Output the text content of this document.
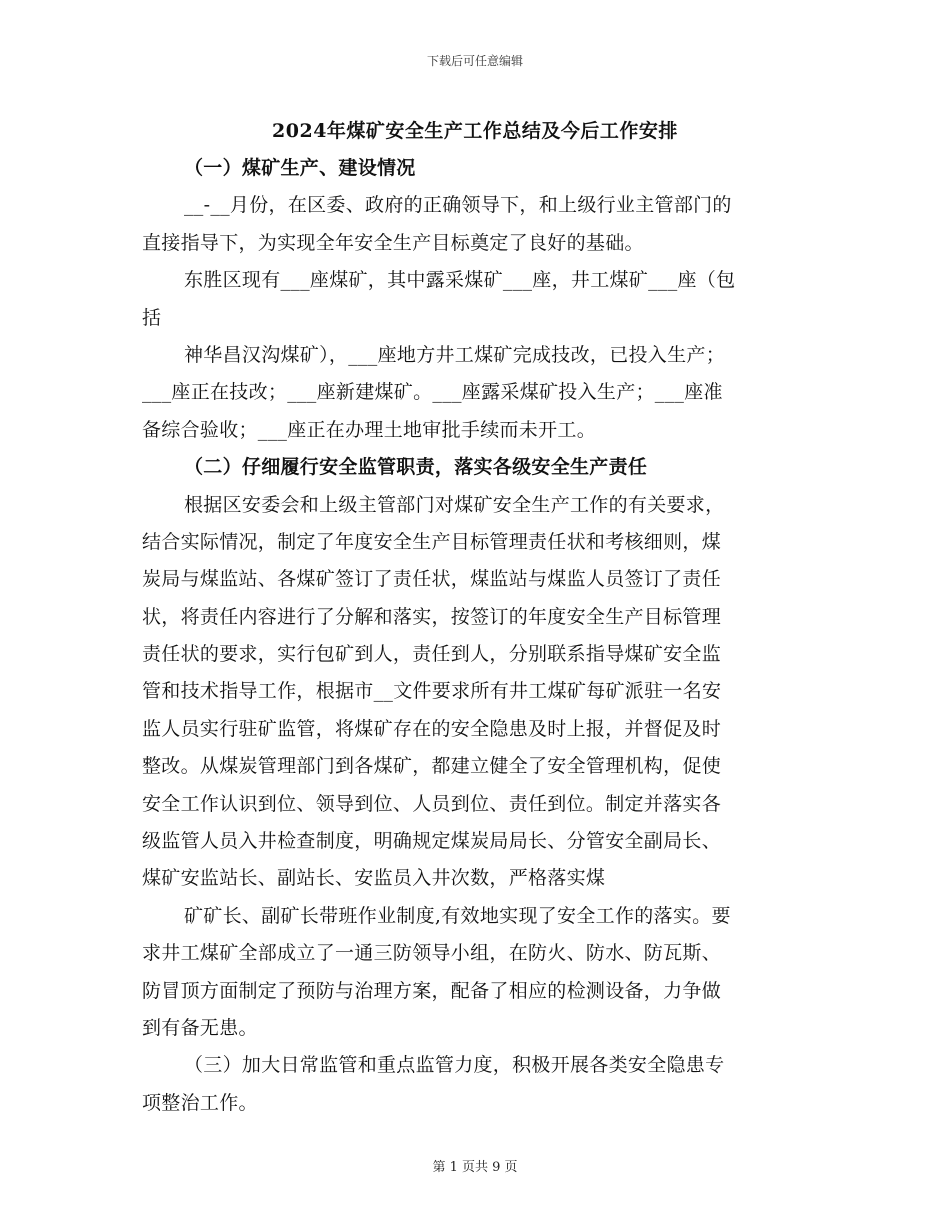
下载后可任意编辑
2024年煤矿安全生产工作总结及今后工作安排
（一）煤矿生产、建设情况
__-__月份，在区委、政府的正确领导下，和上级行业主管部门的
直接指导下，为实现全年安全生产目标奠定了良好的基础。
东胜区现有___座煤矿，其中露采煤矿___座，井工煤矿___座（包
括
神华昌汉沟煤矿），___座地方井工煤矿完成技改，已投入生产；
___座正在技改；___座新建煤矿。___座露采煤矿投入生产；___座准
备综合验收；___座正在办理土地审批手续而未开工。
（二）仔细履行安全监管职责，落实各级安全生产责任
根据区安委会和上级主管部门对煤矿安全生产工作的有关要求，
结合实际情况，制定了年度安全生产目标管理责任状和考核细则，煤
炭局与煤监站、各煤矿签订了责任状，煤监站与煤监人员签订了责任
状，将责任内容进行了分解和落实，按签订的年度安全生产目标管理
责任状的要求，实行包矿到人，责任到人，分别联系指导煤矿安全监
管和技术指导工作，根据市__文件要求所有井工煤矿每矿派驻一名安
监人员实行驻矿监管，将煤矿存在的安全隐患及时上报，并督促及时
整改。从煤炭管理部门到各煤矿，都建立健全了安全管理机构，促使
安全工作认识到位、领导到位、人员到位、责任到位。制定并落实各
级监管人员入井检查制度，明确规定煤炭局局长、分管安全副局长、
煤矿安监站长、副站长、安监员入井次数，严格落实煤
矿矿长、副矿长带班作业制度,有效地实现了安全工作的落实。要
求井工煤矿全部成立了一通三防领导小组，在防火、防水、防瓦斯、
防冒顶方面制定了预防与治理方案，配备了相应的检测设备，力争做
到有备无患。
（三）加大日常监管和重点监管力度，积极开展各类安全隐患专
项整治工作。
第 1 页共 9 页
